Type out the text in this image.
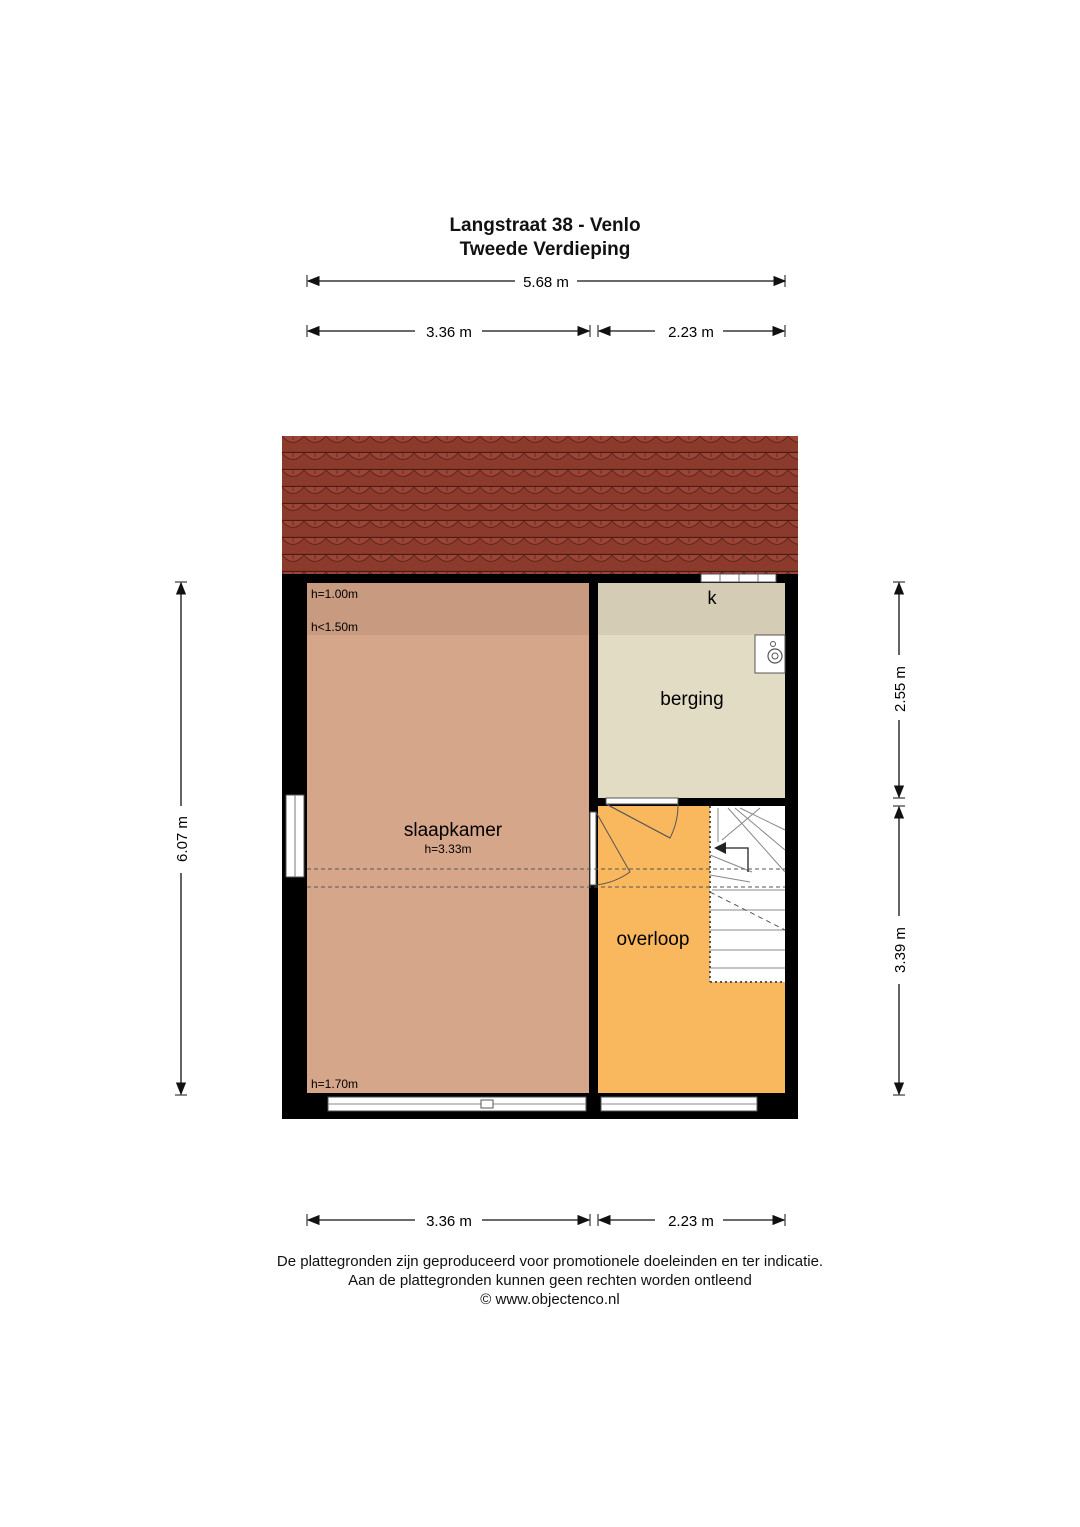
Langstraat 38 - Venlo
Tweede Verdieping
5.68 m
3.36 m	2.23 m
slaapkamer
h=3.33m
berging
overloop
k
h=1.00m
h<1.50m
h=1.70m
6.07 m
2.55 m
3.39 m
3.36 m	2.23 m
De plattegronden zijn geproduceerd voor promotionele doeleinden en ter indicatie.
Aan de plattegronden kunnen geen rechten worden ontleend
© www.objectenco.nl
